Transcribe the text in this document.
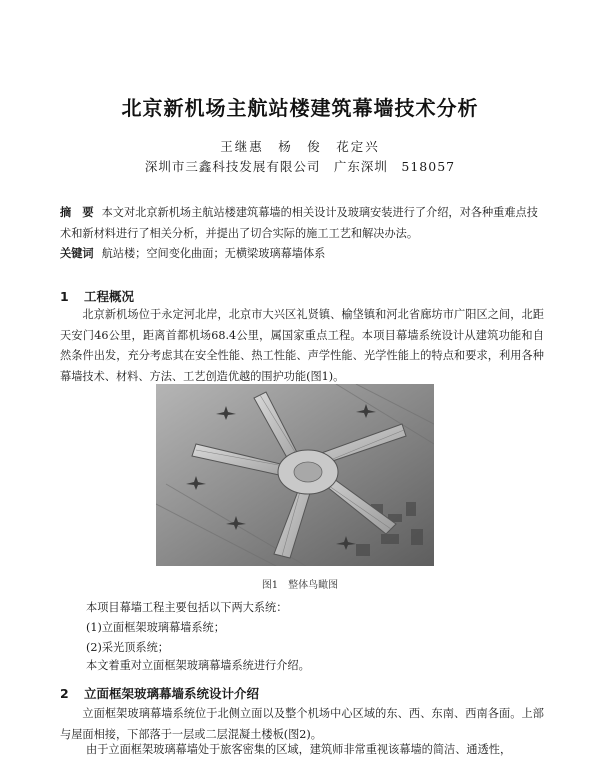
北京新机场主航站楼建筑幕墙技术分析
王继惠　杨　俊　花定兴
深圳市三鑫科技发展有限公司　广东深圳　518057
摘　要 本文对北京新机场主航站楼建筑幕墙的相关设计及玻璃安装进行了介绍，对各种重难点技术和新材料进行了相关分析，并提出了切合实际的施工工艺和解决办法。
关键词 航站楼；空间变化曲面；无横梁玻璃幕墙体系
1 工程概况
北京新机场位于永定河北岸，北京市大兴区礼贤镇、榆垡镇和河北省廊坊市广阳区之间，北距天安门46公里，距离首都机场68.4公里，属国家重点工程。本项目幕墙系统设计从建筑功能和自然条件出发，充分考虑其在安全性能、热工性能、声学性能、光学性能上的特点和要求，利用各种幕墙技术、材料、方法、工艺创造优越的围护功能(图1)。
图1　整体鸟瞰图
本项目幕墙工程主要包括以下两大系统：
(1)立面框架玻璃幕墙系统；
(2)采光顶系统；
本文着重对立面框架玻璃幕墙系统进行介绍。
2 立面框架玻璃幕墙系统设计介绍
立面框架玻璃幕墙系统位于北侧立面以及整个机场中心区域的东、西、东南、西南各面。上部与屋面相接，下部落于一层或二层混凝土楼板(图2)。
由于立面框架玻璃幕墙处于旅客密集的区域，建筑师非常重视该幕墙的简洁、通透性，
